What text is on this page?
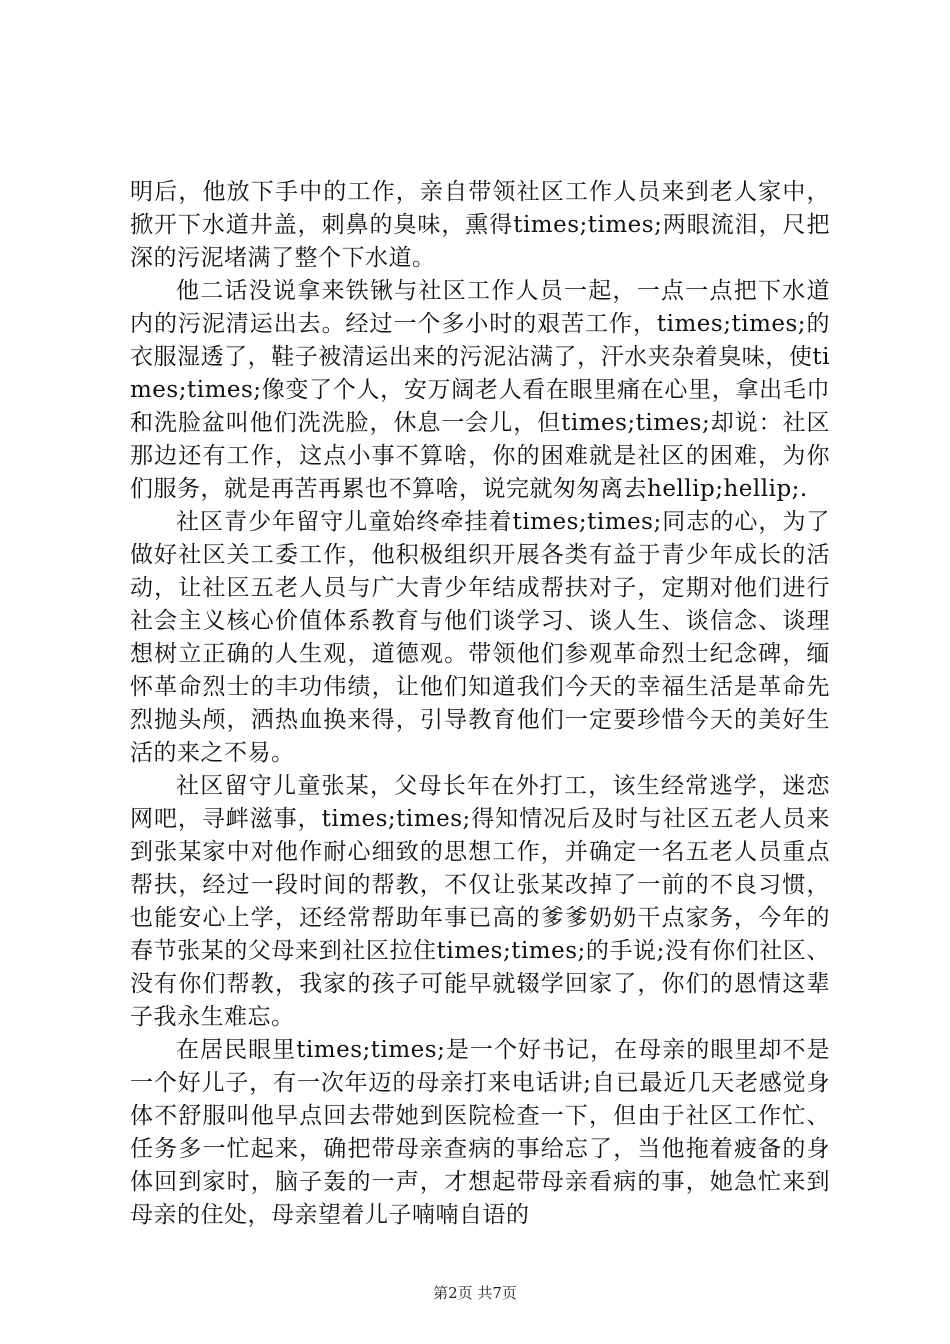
明后，他放下手中的工作，亲自带领社区工作人员来到老人家中，掀开下水道井盖，刺鼻的臭味，熏得times;times;两眼流泪，尺把深的污泥堵满了整个下水道。

他二话没说拿来铁锹与社区工作人员一起，一点一点把下水道内的污泥清运出去。经过一个多小时的艰苦工作，times;times;的衣服湿透了，鞋子被清运出来的污泥沾满了，汗水夹杂着臭味，使times;times;像变了个人，安万阔老人看在眼里痛在心里，拿出毛巾和洗脸盆叫他们洗洗脸，休息一会儿，但times;times;却说：社区那边还有工作，这点小事不算啥，你的困难就是社区的困难，为你们服务，就是再苦再累也不算啥，说完就匆匆离去hellip;hellip;.

社区青少年留守儿童始终牵挂着times;times;同志的心，为了做好社区关工委工作，他积极组织开展各类有益于青少年成长的活动，让社区五老人员与广大青少年结成帮扶对子，定期对他们进行社会主义核心价值体系教育与他们谈学习、谈人生、谈信念、谈理想树立正确的人生观，道德观。带领他们参观革命烈士纪念碑，缅怀革命烈士的丰功伟绩，让他们知道我们今天的幸福生活是革命先烈抛头颅，洒热血换来得，引导教育他们一定要珍惜今天的美好生活的来之不易。

社区留守儿童张某，父母长年在外打工，该生经常逃学，迷恋网吧，寻衅滋事，times;times;得知情况后及时与社区五老人员来到张某家中对他作耐心细致的思想工作，并确定一名五老人员重点帮扶，经过一段时间的帮教，不仅让张某改掉了一前的不良习惯，也能安心上学，还经常帮助年事已高的爹爹奶奶干点家务，今年的春节张某的父母来到社区拉住times;times;的手说;没有你们社区、没有你们帮教，我家的孩子可能早就辍学回家了，你们的恩情这辈子我永生难忘。

在居民眼里times;times;是一个好书记，在母亲的眼里却不是一个好儿子，有一次年迈的母亲打来电话讲;自已最近几天老感觉身体不舒服叫他早点回去带她到医院检查一下，但由于社区工作忙、任务多一忙起来，确把带母亲查病的事给忘了，当他拖着疲备的身体回到家时，脑子轰的一声，才想起带母亲看病的事，她急忙来到母亲的住处，母亲望着儿子喃喃自语的

第2页 共7页
